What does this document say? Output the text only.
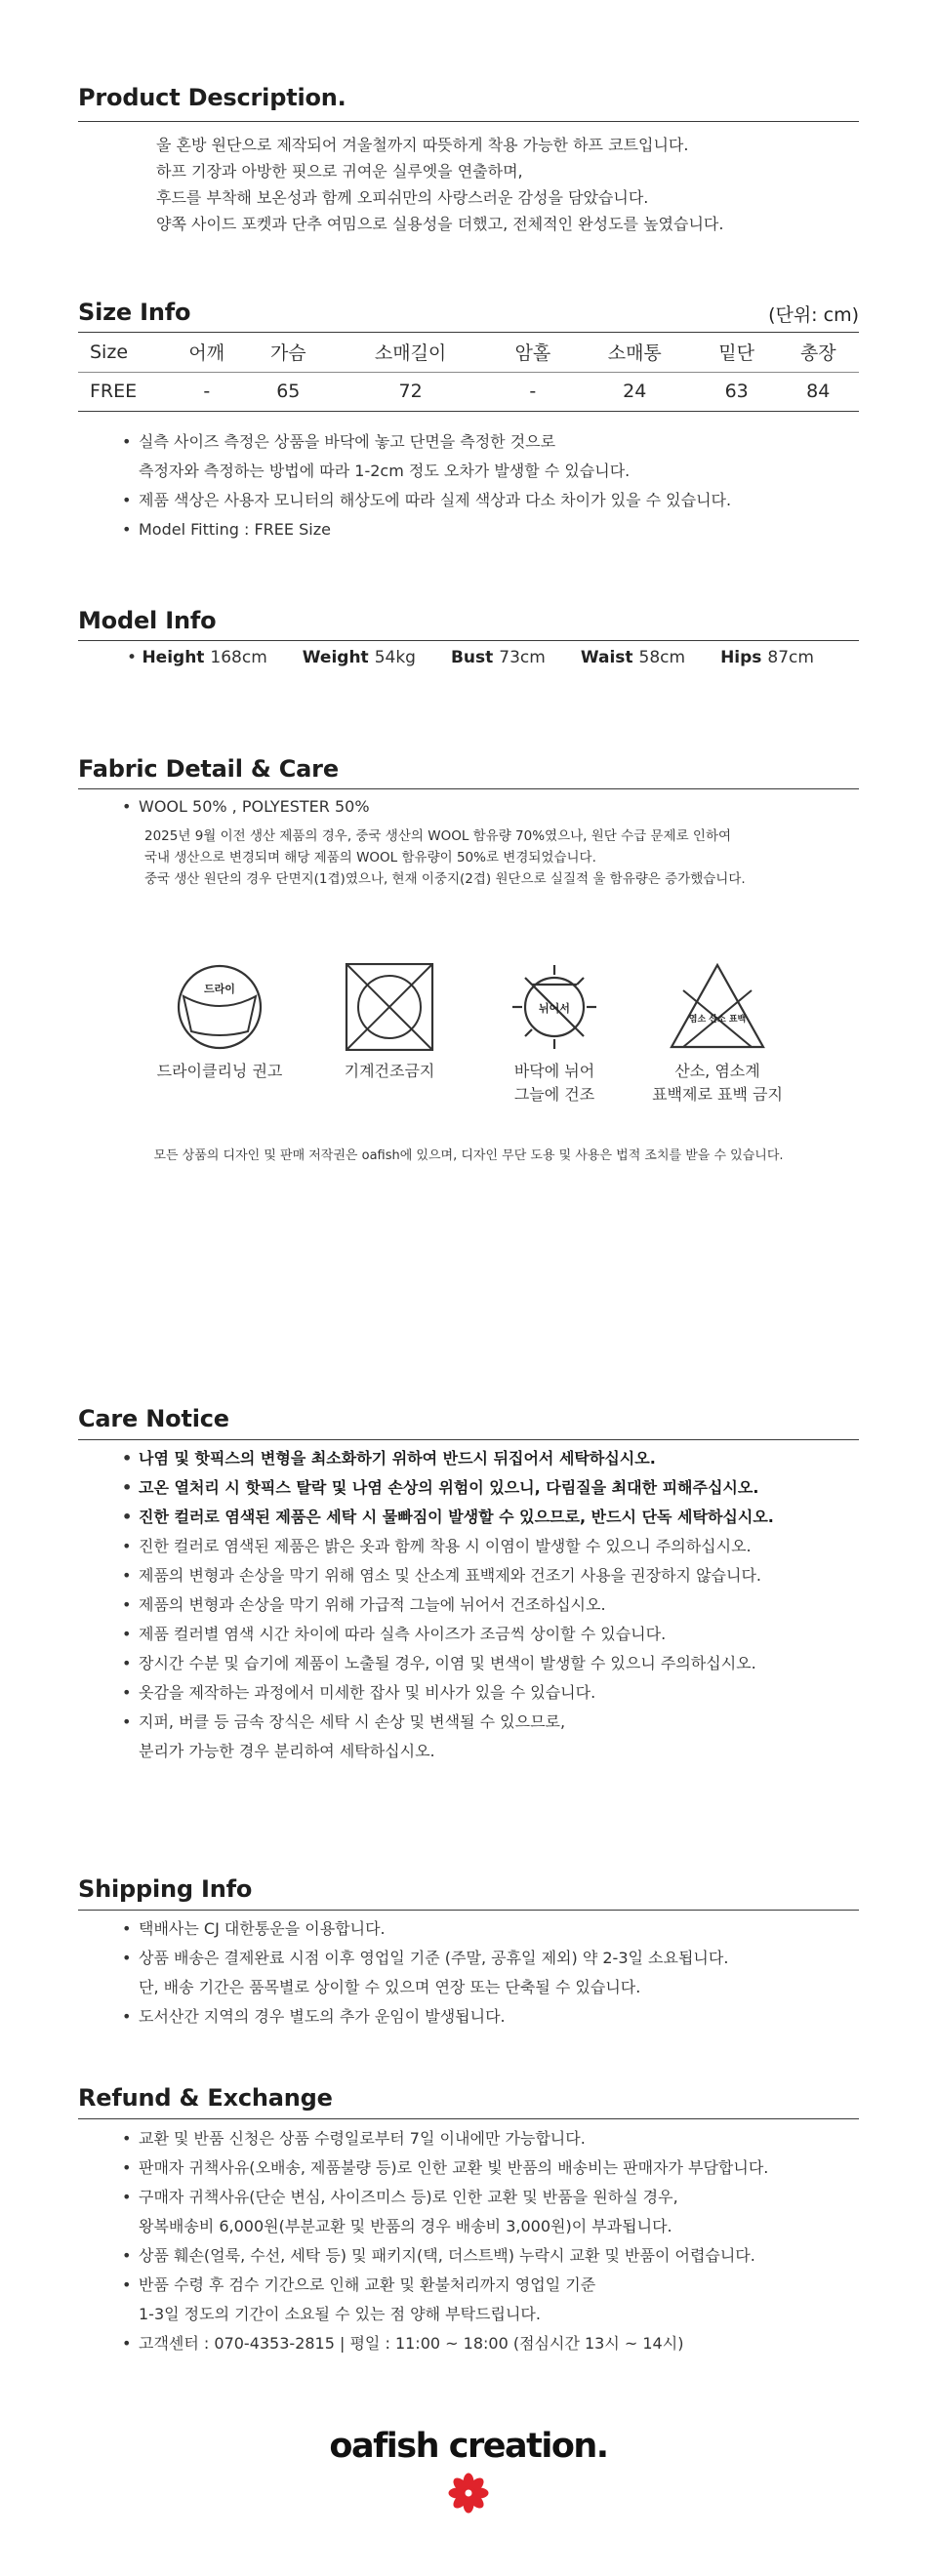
Product Description.

울 혼방 원단으로 제작되어 겨울철까지 따뜻하게 착용 가능한 하프 코트입니다.

하프 기장과 아방한 핏으로 귀여운 실루엣을 연출하며,

후드를 부착해 보온성과 함께 오피쉬만의 사랑스러운 감성을 담았습니다.

양쪽 사이드 포켓과 단추 여밈으로 실용성을 더했고, 전체적인 완성도를 높였습니다.

Size Info	(단위: cm)
Size	어깨	가슴	소매길이	암홀	소매통	밑단	총장
FREE	-	65	72	-	24	63	84
• 실측 사이즈 측정은 상품을 바닥에 놓고 단면을 측정한 것으로
측정자와 측정하는 방법에 따라 1-2cm 정도 오차가 발생할 수 있습니다.
• 제품 색상은 사용자 모니터의 해상도에 따라 실제 색상과 다소 차이가 있을 수 있습니다.
• Model Fitting : FREE Size
Model Info
• Height 168cm Weight 54kg Bust 73cm Waist 58cm Hips 87cm
Fabric Detail & Care
• WOOL 50% , POLYESTER 50%

2025년 9월 이전 생산 제품의 경우, 중국 생산의 WOOL 함유량 70%였으나, 원단 수급 문제로 인하여

국내 생산으로 변경되며 해당 제품의 WOOL 함유량이 50%로 변경되었습니다.

중국 생산 원단의 경우 단면지(1겹)였으나, 현재 이중지(2겹) 원단으로 실질적 울 함유량은 증가했습니다.

드라이
드라이클리닝 권고	기계건조금지
뉘어서
바닥에 뉘어
그늘에 건조
염소 산소 표백
산소, 염소계
표백제로 표백 금지
모든 상품의 디자인 및 판매 저작권은 oafish에 있으며, 디자인 무단 도용 및 사용은 법적 조치를 받을 수 있습니다.
Care Notice
• 나염 및 핫픽스의 변형을 최소화하기 위하여 반드시 뒤집어서 세탁하십시오.
• 고온 열처리 시 핫픽스 탈락 및 나염 손상의 위험이 있으니, 다림질을 최대한 피해주십시오.
• 진한 컬러로 염색된 제품은 세탁 시 물빠짐이 발생할 수 있으므로, 반드시 단독 세탁하십시오.
• 진한 컬러로 염색된 제품은 밝은 옷과 함께 착용 시 이염이 발생할 수 있으니 주의하십시오.
• 제품의 변형과 손상을 막기 위해 염소 및 산소계 표백제와 건조기 사용을 권장하지 않습니다.
• 제품의 변형과 손상을 막기 위해 가급적 그늘에 뉘어서 건조하십시오.
• 제품 컬러별 염색 시간 차이에 따라 실측 사이즈가 조금씩 상이할 수 있습니다.
• 장시간 수분 및 습기에 제품이 노출될 경우, 이염 및 변색이 발생할 수 있으니 주의하십시오.
• 옷감을 제작하는 과정에서 미세한 잡사 및 비사가 있을 수 있습니다.
• 지퍼, 버클 등 금속 장식은 세탁 시 손상 및 변색될 수 있으므로,
분리가 가능한 경우 분리하여 세탁하십시오.
Shipping Info
• 택배사는 CJ 대한통운을 이용합니다.
• 상품 배송은 결제완료 시점 이후 영업일 기준 (주말, 공휴일 제외) 약 2-3일 소요됩니다.
단, 배송 기간은 품목별로 상이할 수 있으며 연장 또는 단축될 수 있습니다.
• 도서산간 지역의 경우 별도의 추가 운임이 발생됩니다.
Refund & Exchange
• 교환 및 반품 신청은 상품 수령일로부터 7일 이내에만 가능합니다.
• 판매자 귀책사유(오배송, 제품불량 등)로 인한 교환 빛 반품의 배송비는 판매자가 부담합니다.
• 구매자 귀책사유(단순 변심, 사이즈미스 등)로 인한 교환 및 반품을 원하실 경우,
왕복배송비 6,000원(부분교환 및 반품의 경우 배송비 3,000원)이 부과됩니다.
• 상품 훼손(얼룩, 수선, 세탁 등) 및 패키지(택, 더스트백) 누락시 교환 및 반품이 어렵습니다.
• 반품 수령 후 검수 기간으로 인해 교환 및 환불처리까지 영업일 기준
1-3일 정도의 기간이 소요될 수 있는 점 양해 부탁드립니다.
• 고객센터 : 070-4353-2815 | 평일 : 11:00 ~ 18:00 (점심시간 13시 ~ 14시)
oafish creation.
